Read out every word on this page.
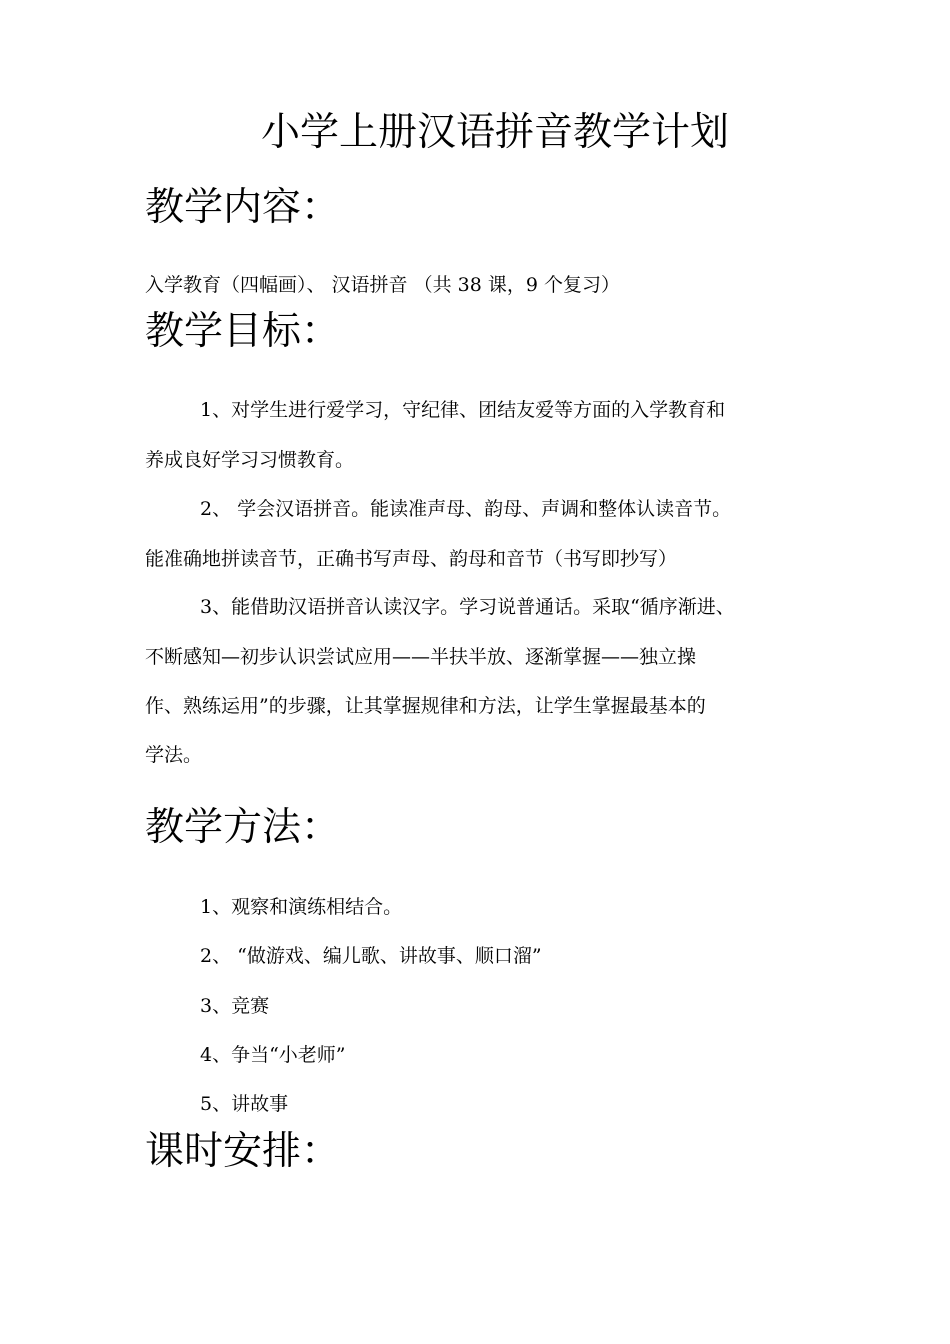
小学上册汉语拼音教学计划
教学内容：

入学教育（四幅画）、 汉语拼音 （共 38 课，9 个复习）

教学目标：

1、对学生进行爱学习，守纪律、团结友爱等方面的入学教育和

养成良好学习习惯教育。

2、 学会汉语拼音。能读准声母、韵母、声调和整体认读音节。

能准确地拼读音节，正确书写声母、韵母和音节（书写即抄写）

3、能借助汉语拼音认读汉字。学习说普通话。采取“循序渐进、

不断感知—初步认识尝试应用——半扶半放、逐渐掌握——独立操

作、熟练运用”的步骤，让其掌握规律和方法，让学生掌握最基本的

学法。

教学方法：

1、观察和演练相结合。

2、 “做游戏、编儿歌、讲故事、顺口溜”

3、竞赛

4、争当“小老师”

5、讲故事

课时安排：
